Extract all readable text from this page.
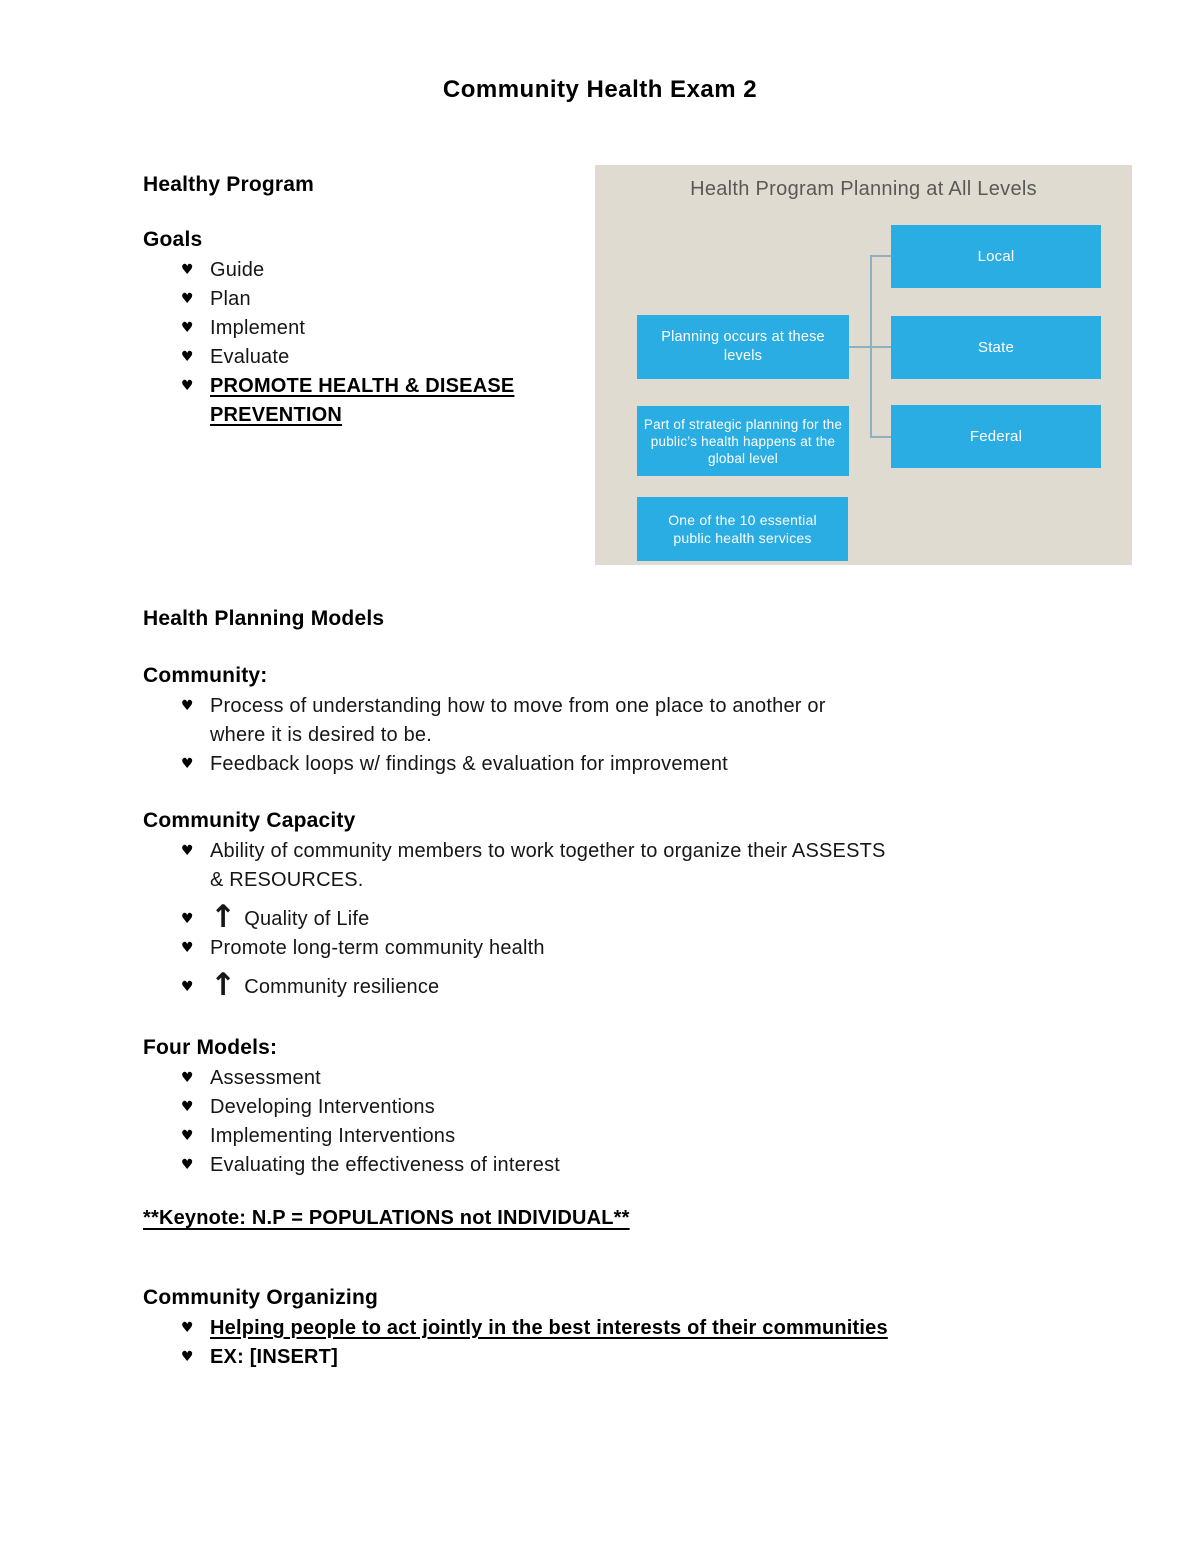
Community Health Exam 2
Healthy Program
Goals
♥ Guide
♥ Plan
♥ Implement
♥ Evaluate
♥ PROMOTE HEALTH & DISEASE
PREVENTION
Health Program Planning at All Levels
Planning occurs at these levels
Part of strategic planning for the public’s health happens at the global level
One of the 10 essential public health services
Local
State
Federal
Health Planning Models
Community:
♥ Process of understanding how to move from one place to another or
where it is desired to be.
♥ Feedback loops w/ findings & evaluation for improvement
Community Capacity
♥ Ability of community members to work together to organize their ASSESTS
& RESOURCES.
♥ ↑ Quality of Life
♥ Promote long-term community health
♥ ↑ Community resilience
Four Models:
♥ Assessment
♥ Developing Interventions
♥ Implementing Interventions
♥ Evaluating the effectiveness of interest

**Keynote: N.P = POPULATIONS not INDIVIDUAL**

Community Organizing
♥ Helping people to act jointly in the best interests of their communities
♥ EX: [INSERT]
